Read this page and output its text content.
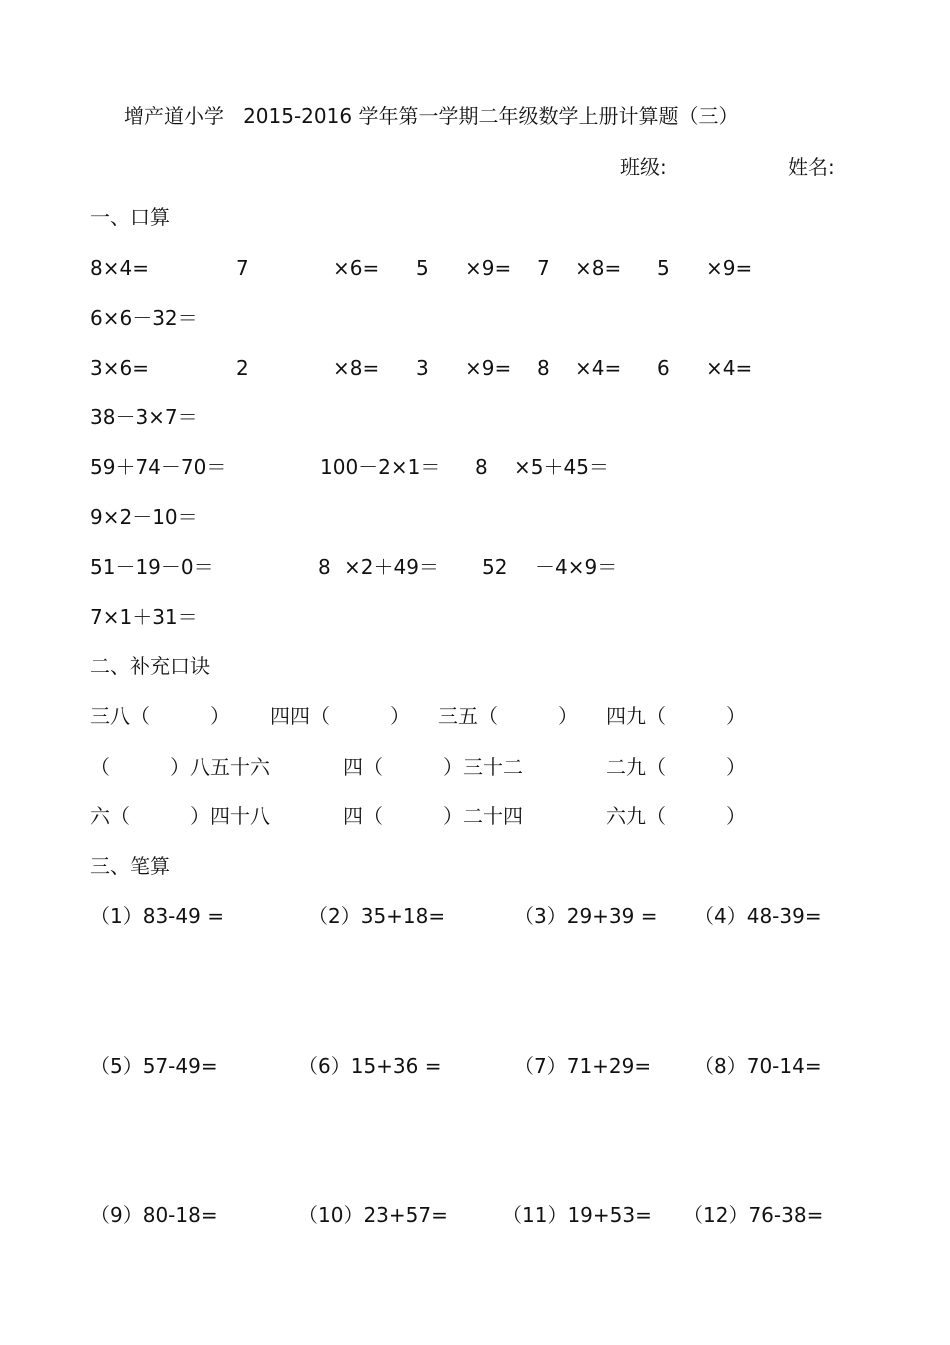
增产道小学   2015-2016 学年第一学期二年级数学上册计算题（三）
班级:	姓名:
一、口算
8×4=	7	×6= 5 ×9= 7 ×8= 5 ×9=
6×6－32＝
3×6=	2	×8= 3 ×9= 8 ×4= 6 ×4=
38－3×7＝
59＋74－70＝	100－2×1＝ 8 ×5＋45＝
9×2－10＝
51－19－0＝	8 ×2＋49＝ 52 －4×9＝
7×1＋31＝
二、补充口诀
三八（　　　） 四四（　　　） 三五（　　　） 四九（　　　）
（　　　）八五十六	四（　　　）三十二	二九（　　　）
六（　　　）四十八	四（　　　）二十四	六九（　　　）
三、笔算
（1）83-49 =	（2）35+18=	（3）29+39 = （4）48-39=
（5）57-49=	（6）15+36 =	（7）71+29= （8）70-14=
（9）80-18=	（10）23+57=	（11）19+53= （12）76-38=
